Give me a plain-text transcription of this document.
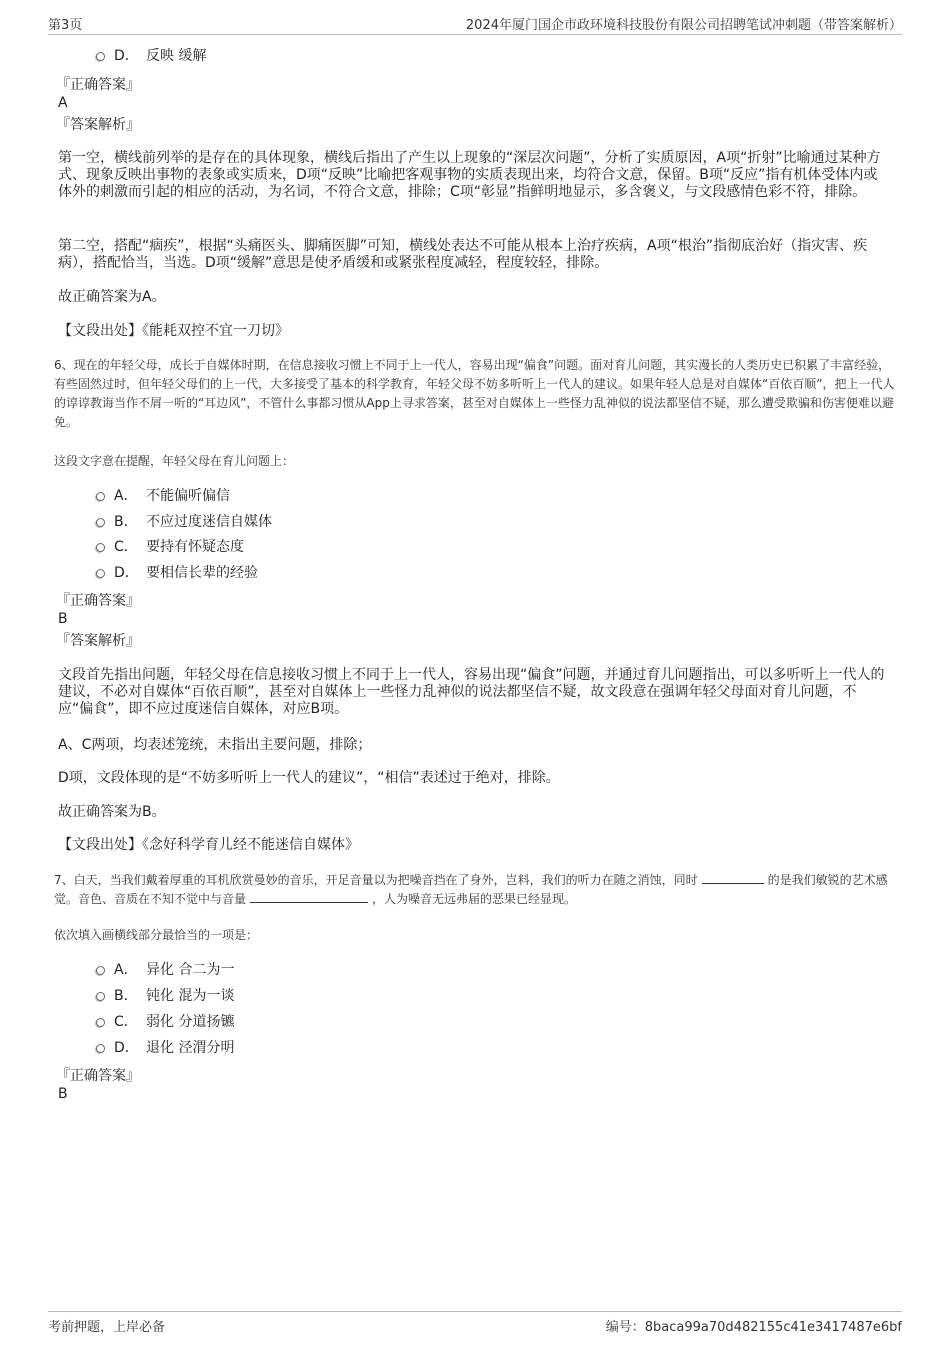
第3页	2024年厦门国企市政环境科技股份有限公司招聘笔试冲刺题（带答案解析）
D． 反映 缓解
『正确答案』
A
『答案解析』
第一空，横线前列举的是存在的具体现象，横线后指出了产生以上现象的“深层次问题”，分析了实质原因，A项“折射”比喻通过某种方式、现象反映出事物的表象或实质来，D项“反映”比喻把客观事物的实质表现出来，均符合文意，保留。B项“反应”指有机体受体内或体外的刺激而引起的相应的活动，为名词，不符合文意，排除；C项“彰显”指鲜明地显示，多含褒义，与文段感情色彩不符，排除。
第二空，搭配“痼疾”，根据“头痛医头、脚痛医脚”可知，横线处表达不可能从根本上治疗疾病，A项“根治”指彻底治好（指灾害、疾病），搭配恰当，当选。D项“缓解”意思是使矛盾缓和或紧张程度减轻，程度较轻，排除。
故正确答案为A。
【文段出处】《能耗双控不宜一刀切》
6、现在的年轻父母，成长于自媒体时期，在信息接收习惯上不同于上一代人，容易出现“偏食”问题。面对育儿问题，其实漫长的人类历史已积累了丰富经验，有些固然过时，但年轻父母们的上一代，大多接受了基本的科学教育，年轻父母不妨多听听上一代人的建议。如果年轻人总是对自媒体“百依百顺”，把上一代人的谆谆教诲当作不屑一听的“耳边风”，不管什么事都习惯从App上寻求答案，甚至对自媒体上一些怪力乱神似的说法都坚信不疑，那么遭受欺骗和伤害便难以避免。
这段文字意在提醒，年轻父母在育儿问题上：
A． 不能偏听偏信
B． 不应过度迷信自媒体
C． 要持有怀疑态度
D． 要相信长辈的经验
『正确答案』
B
『答案解析』
文段首先指出问题，年轻父母在信息接收习惯上不同于上一代人，容易出现“偏食”问题，并通过育儿问题指出，可以多听听上一代人的建议，不必对自媒体“百依百顺”，甚至对自媒体上一些怪力乱神似的说法都坚信不疑，故文段意在强调年轻父母面对育儿问题，不应“偏食”，即不应过度迷信自媒体，对应B项。
A、C两项，均表述笼统，未指出主要问题，排除；
D项，文段体现的是“不妨多听听上一代人的建议”，“相信”表述过于绝对，排除。
故正确答案为B。
【文段出处】《念好科学育儿经不能迷信自媒体》
7、白天，当我们戴着厚重的耳机欣赏曼妙的音乐，开足音量以为把噪音挡在了身外，岂料，我们的听力在随之消蚀，同时	的是我们敏锐的艺术感觉。音色、音质在不知不觉中与音量	，人为噪音无远弗届的恶果已经显现。
依次填入画横线部分最恰当的一项是：
A． 异化 合二为一
B． 钝化 混为一谈
C． 弱化 分道扬镳
D． 退化 泾渭分明
『正确答案』
B
考前押题，上岸必备	编号：8baca99a70d482155c41e3417487e6bf
